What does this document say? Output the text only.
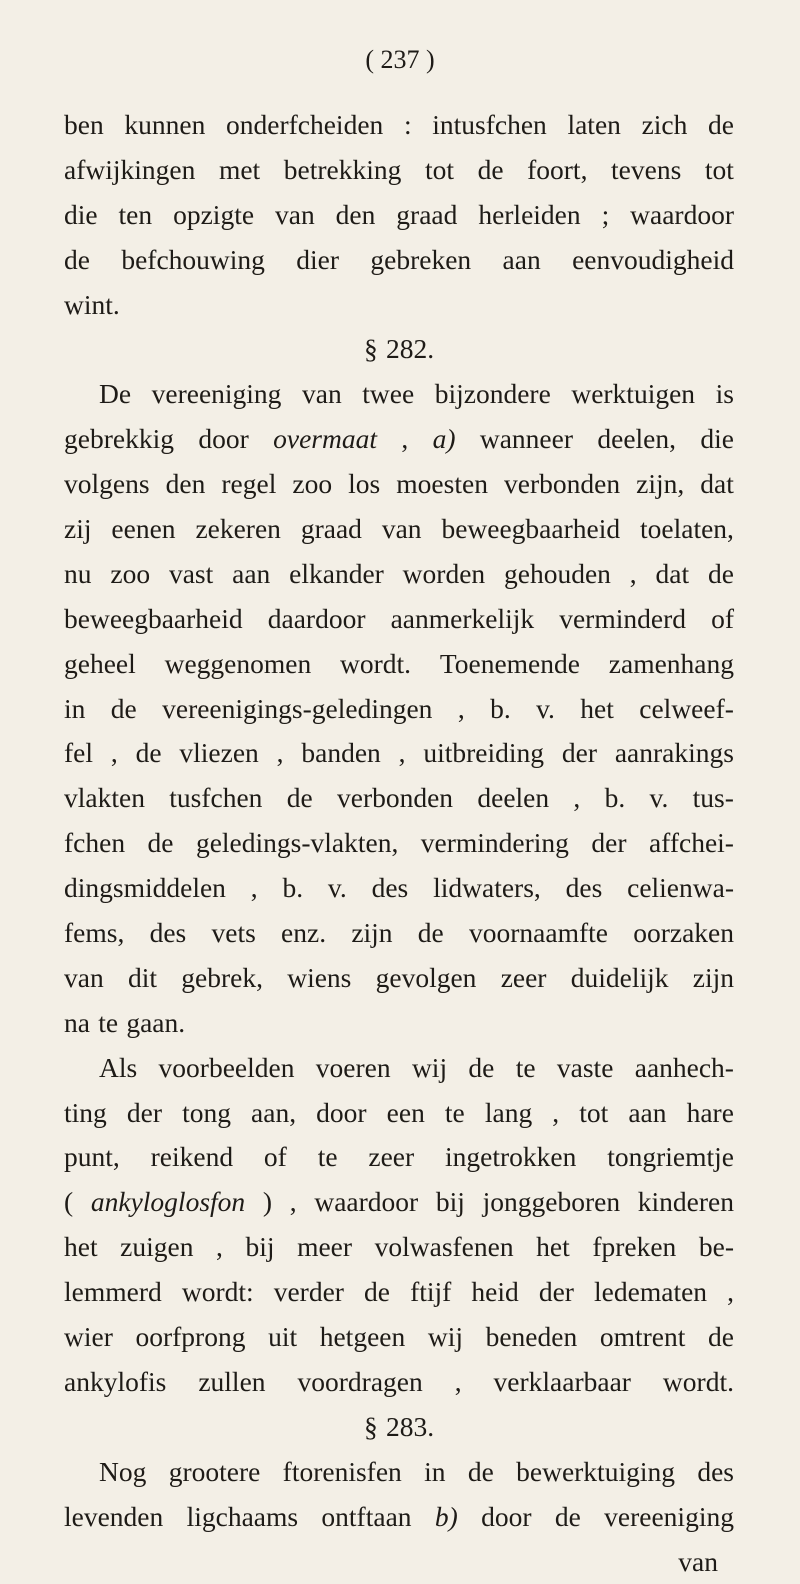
( 237 )
ben kunnen onderfcheiden : intusfchen laten zich de
afwijkingen met betrekking tot de foort, tevens tot
die ten opzigte van den graad herleiden ; waardoor
de befchouwing dier gebreken aan eenvoudigheid
wint.
§ 282.
De vereeniging van twee bijzondere werktuigen is
gebrekkig door overmaat , a) wanneer deelen, die
volgens den regel zoo los moesten verbonden zijn, dat
zij eenen zekeren graad van beweegbaarheid toelaten,
nu zoo vast aan elkander worden gehouden , dat de
beweegbaarheid daardoor aanmerkelijk verminderd of
geheel weggenomen wordt. Toenemende zamenhang
in de vereenigings-geledingen , b. v. het celweef-
fel , de vliezen , banden , uitbreiding der aanrakings
vlakten tusfchen de verbonden deelen , b. v. tus-
fchen de geledings-vlakten, vermindering der affchei-
dingsmiddelen , b. v. des lidwaters, des celienwa-
fems, des vets enz. zijn de voornaamfte oorzaken
van dit gebrek, wiens gevolgen zeer duidelijk zijn
na te gaan.
Als voorbeelden voeren wij de te vaste aanhech-
ting der tong aan, door een te lang , tot aan hare
punt, reikend of te zeer ingetrokken tongriemtje
( ankyloglosfon ) , waardoor bij jonggeboren kinderen
het zuigen , bij meer volwasfenen het fpreken be-
lemmerd wordt: verder de ftijf heid der ledematen ,
wier oorfprong uit hetgeen wij beneden omtrent de
ankylofis zullen voordragen , verklaarbaar wordt.
§ 283.
Nog grootere ftorenisfen in de bewerktuiging des
levenden ligchaams ontftaan b) door de vereeniging
van
